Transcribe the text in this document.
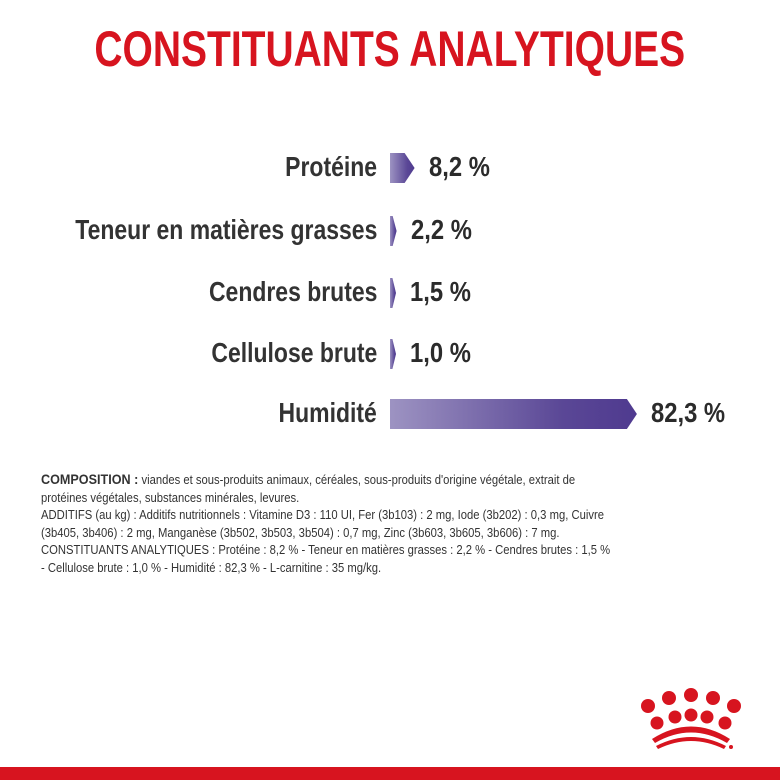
CONSTITUANTS ANALYTIQUES
Protéine 8,2 %
Teneur en matières grasses 2,2 %
Cendres brutes 1,5 %
Cellulose brute 1,0 %
Humidité	82,3 %

COMPOSITION : viandes et sous-produits animaux, céréales, sous-produits d'origine végétale, extrait de

protéines végétales, substances minérales, levures.

ADDITIFS (au kg) : Additifs nutritionnels : Vitamine D3 : 110 UI, Fer (3b103) : 2 mg, Iode (3b202) : 0,3 mg, Cuivre

(3b405, 3b406) : 2 mg, Manganèse (3b502, 3b503, 3b504) : 0,7 mg, Zinc (3b603, 3b605, 3b606) : 7 mg.

CONSTITUANTS ANALYTIQUES : Protéine : 8,2 % - Teneur en matières grasses : 2,2 % - Cendres brutes : 1,5 %

- Cellulose brute : 1,0 % - Humidité : 82,3 % - L-carnitine : 35 mg/kg.
